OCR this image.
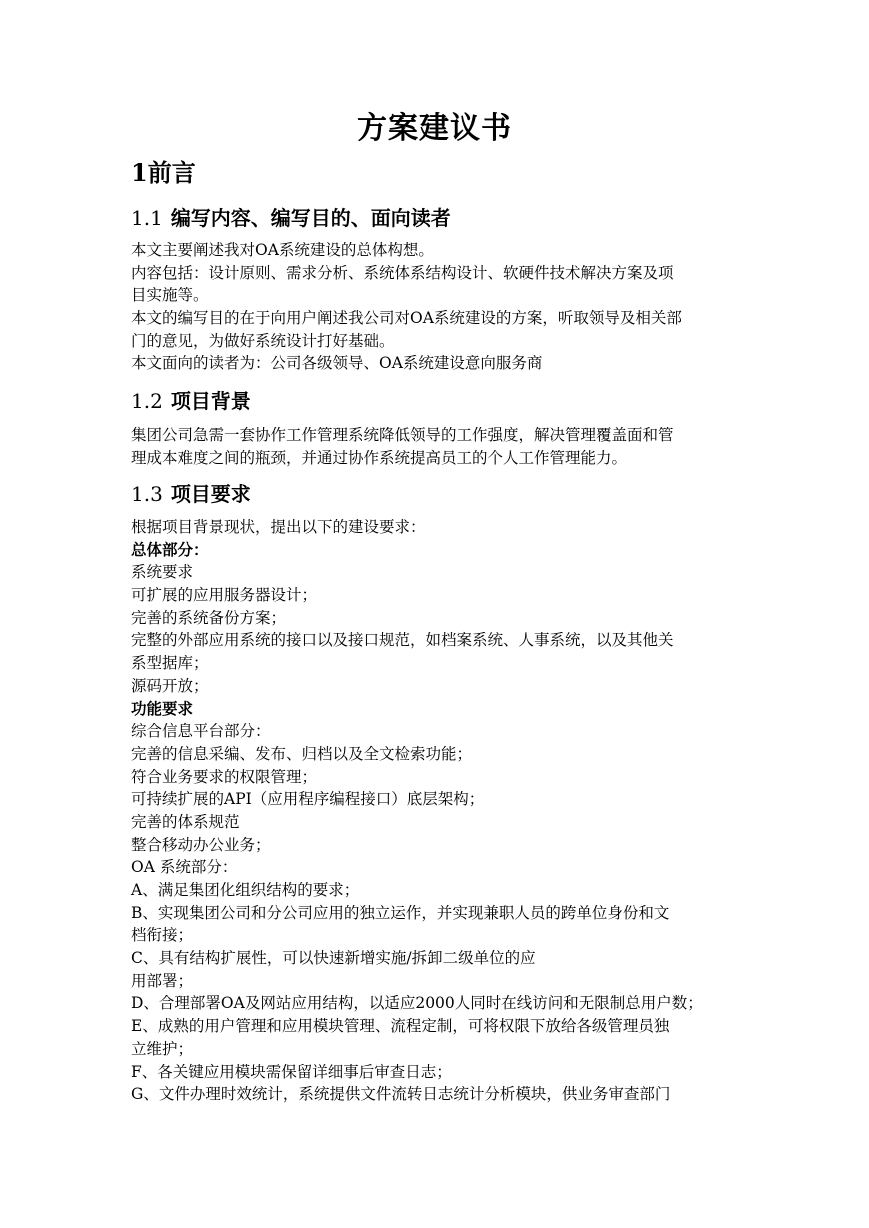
方案建议书
1前言
1.1 编写内容、编写目的、面向读者
本文主要阐述我对OA系统建设的总体构想。
内容包括：设计原则、需求分析、系统体系结构设计、软硬件技术解决方案及项
目实施等。
本文的编写目的在于向用户阐述我公司对OA系统建设的方案，听取领导及相关部
门的意见，为做好系统设计打好基础。
本文面向的读者为：公司各级领导、OA系统建设意向服务商
1.2 项目背景
集团公司急需一套协作工作管理系统降低领导的工作强度，解决管理覆盖面和管
理成本难度之间的瓶颈，并通过协作系统提高员工的个人工作管理能力。
1.3 项目要求
根据项目背景现状，提出以下的建设要求：
总体部分：
系统要求
可扩展的应用服务器设计；
完善的系统备份方案；
完整的外部应用系统的接口以及接口规范，如档案系统、人事系统，以及其他关
系型据库；
源码开放；
功能要求
综合信息平台部分：
完善的信息采编、发布、归档以及全文检索功能；
符合业务要求的权限管理；
可持续扩展的API（应用程序编程接口）底层架构；
完善的体系规范
整合移动办公业务；
OA 系统部分：
A、满足集团化组织结构的要求；
B、实现集团公司和分公司应用的独立运作，并实现兼职人员的跨单位身份和文
档衔接；
C、具有结构扩展性，可以快速新增实施/拆卸二级单位的应
用部署；
D、合理部署OA及网站应用结构，以适应2000人同时在线访问和无限制总用户数；
E、成熟的用户管理和应用模块管理、流程定制，可将权限下放给各级管理员独
立维护；
F、各关键应用模块需保留详细事后审查日志；
G、文件办理时效统计，系统提供文件流转日志统计分析模块，供业务审查部门
